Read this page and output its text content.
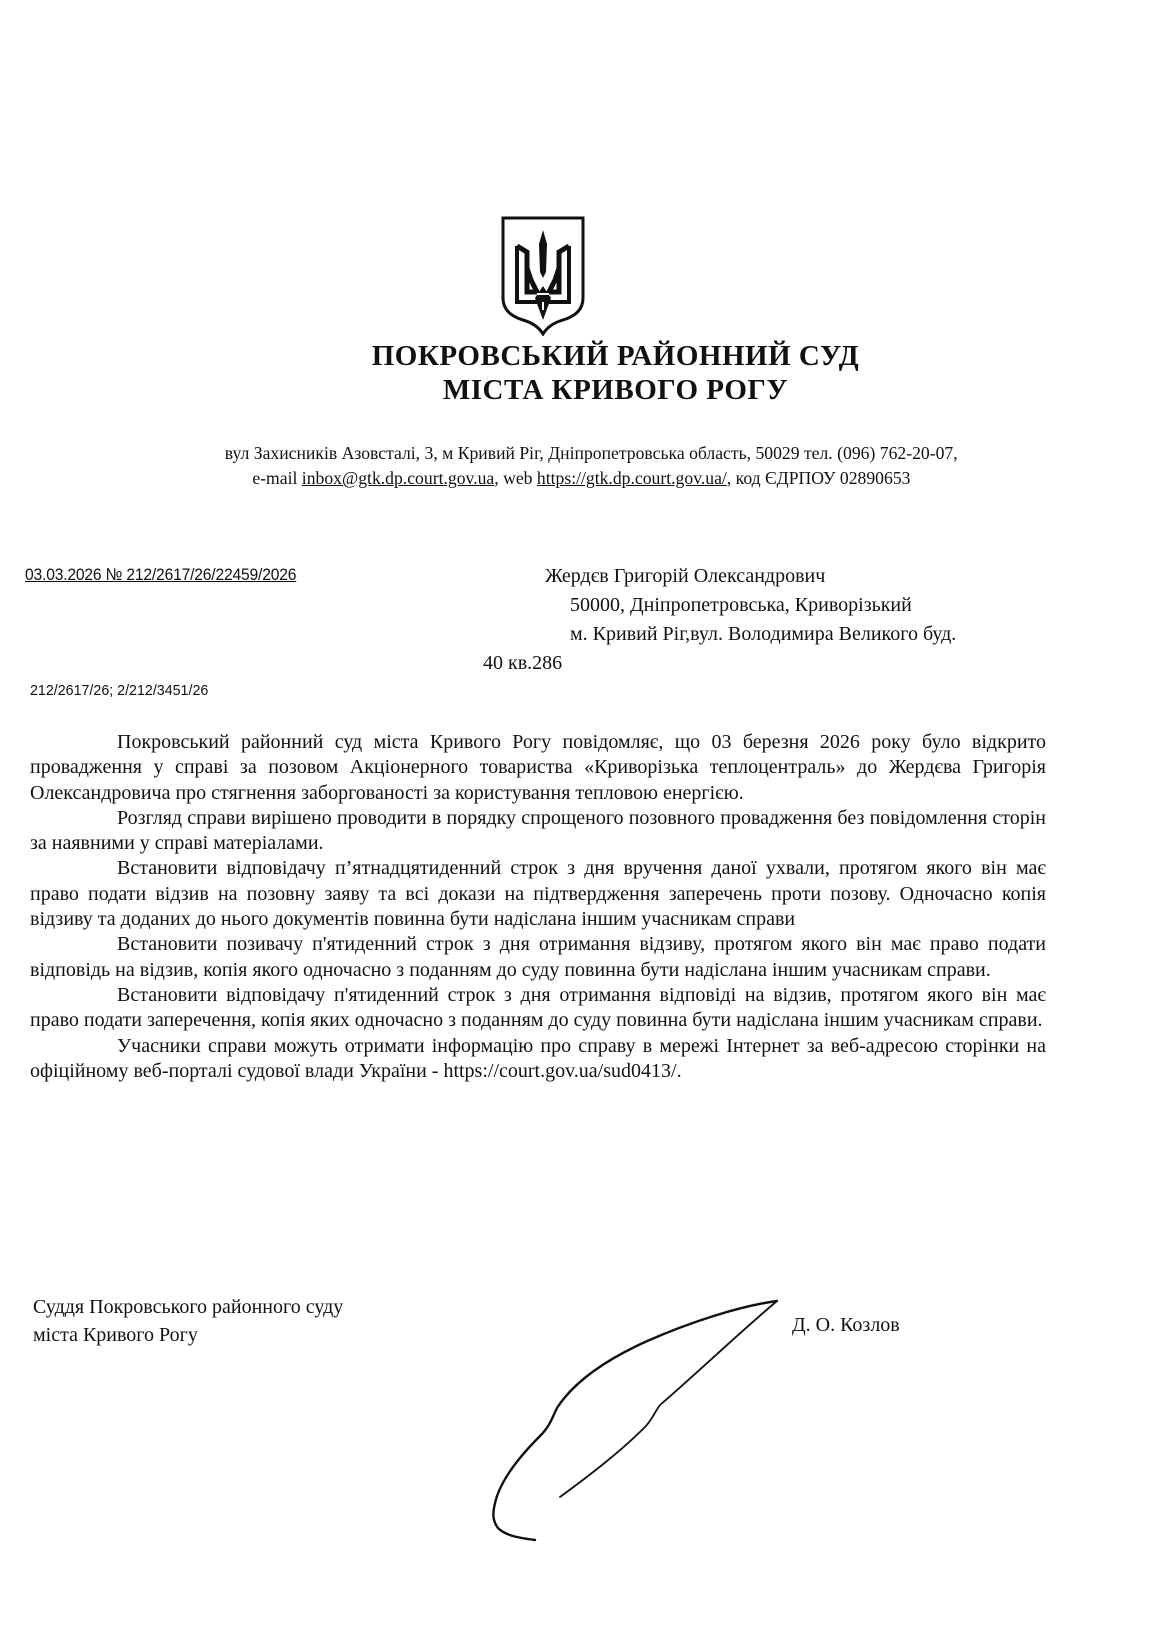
ПОКРОВСЬКИЙ РАЙОННИЙ СУД
МІСТА КРИВОГО РОГУ
вул Захисників Азовсталі, 3, м Кривий Ріг, Дніпропетровська область, 50029 тел. (096) 762-20-07,
e-mail inbox@gtk.dp.court.gov.ua, web https://gtk.dp.court.gov.ua/, код ЄДРПОУ 02890653
03.03.2026 № 212/2617/26/22459/2026	Жердєв Григорій Олександрович
50000, Дніпропетровська, Криворізький
м. Кривий Ріг,вул. Володимира Великого буд.
40 кв.286
212/2617/26; 2/212/3451/26

Покровський районний суд міста Кривого Рогу повідомляє, що 03 березня 2026 року було відкрито провадження у справі за позовом Акціонерного товариства «Криворізька теплоцентраль» до Жердєва Григорія Олександровича про стягнення заборгованості за користування тепловою енергією.

Розгляд справи вирішено проводити в порядку спрощеного позовного провадження без повідомлення сторін за наявними у справі матеріалами.

Встановити відповідачу п’ятнадцятиденний строк з дня вручення даної ухвали, протягом якого він має право подати відзив на позовну заяву та всі докази на підтвердження заперечень проти позову. Одночасно копія відзиву та доданих до нього документів повинна бути надіслана іншим учасникам справи

Встановити позивачу п'ятиденний строк з дня отримання відзиву, протягом якого він має право подати відповідь на відзив, копія якого одночасно з поданням до суду повинна бути надіслана іншим учасникам справи.

Встановити відповідачу п'ятиденний строк з дня отримання відповіді на відзив, протягом якого він має право подати заперечення, копія яких одночасно з поданням до суду повинна бути надіслана іншим учасникам справи.

Учасники справи можуть отримати інформацію про справу в мережі Інтернет за веб-адресою сторінки на офіційному веб-порталі судової влади України - https://court.gov.ua/sud0413/.

Суддя Покровського районного суду
міста Кривого Рогу	Д. О. Козлов
